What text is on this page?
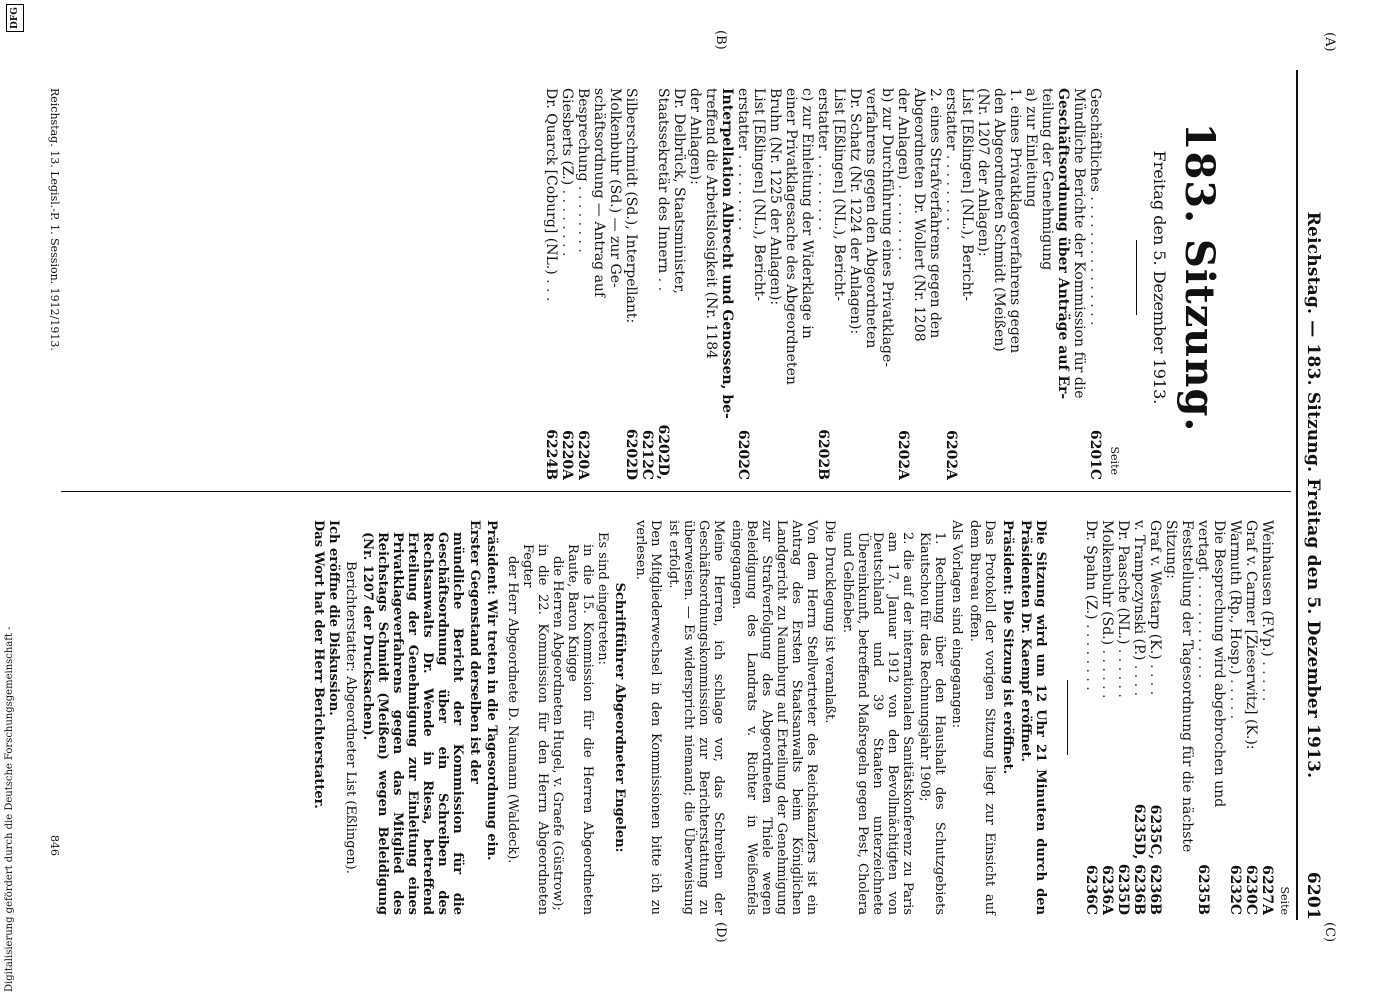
(A)
(C)
Reichstag. — 183. Sitzung. Freitag den 5. Dezember 1913.
6201
183. Sitzung.
Freitag den 5. Dezember 1913.
Seite
Geschäftliches . . . . . . . . . . . . . . .
6201C
Mündliche Berichte der Kommission für die
Geschäftsordnung über Anträge auf Er-
teilung der Genehmigung
a) zur Einleitung
1. eines Privatklageverfahrens gegen
den Abgeordneten Schmidt (Meißen)
(Nr. 1207 der Anlagen):
List [Eßlingen] (NL.), Bericht-
erstatter . . . . . . . . .
6202A
2. eines Strafverfahrens gegen den
Abgeordneten Dr. Wollert (Nr. 1208
der Anlagen) . . . . . . . . .
6202A
b) zur Durchführung eines Privatklage-
verfahrens gegen den Abgeordneten
Dr. Schatz (Nr. 1224 der Anlagen):
List [Eßlingen] (NL.), Bericht-
erstatter . . . . . . . . .
6202B
c) zur Einleitung der Widerklage in
einer Privatklagesache des Abgeordneten
Bruhn (Nr. 1225 der Anlagen):
List [Eßlingen] (NL.), Bericht-
erstatter . . . . . . . . .
6202C
Interpellation Albrecht und Genossen, be-
treffend die Arbeitslosigkeit (Nr. 1184
der Anlagen):
Dr. Delbrück, Staatsminister,
Staatssekretär des Innern . .
6202D,
6212C
Silberschmidt (Sd.), Interpellant:
6202D
Molkenbuhr (Sd.) — zur Ge-
schäftsordnung — Antrag auf
Besprechung . . . . . . . .
6220A
Giesberts (Z.) . . . . . . . .
6220A
Dr. Quarck [Coburg] (NL.) . . .
6224B
(B)
Reichstag. 13. Legisl.-P. 1. Session. 1912/1913.
846
Seite
Weinhausen (F.Vp.) . . . . .
6227A
Graf v. Carmer [Zieserwitz] (K.):
6230C
Warmuth (Rp., Hosp.) . . . . .
6232C
Die Besprechung wird abgebrochen und
vertagt . . . . . . . . . . . .
6235B
Feststellung der Tagesordnung für die nächste
Sitzung:
Graf v. Westarp (K.) . . . .
6235C, 6236B
v. Trampczynski (P.) . . . .
6235D, 6236B
Dr. Paasche (NL.) . . . . . .
6235D
Molkenbuhr (Sd.) . . . . . .
6236A
Dr. Spahn (Z.) . . . . . . . .
6236C
Die Sitzung wird um 12 Uhr 21 Minuten durch den Präsidenten Dr. Kaempf eröffnet.
Präsident: Die Sitzung ist eröffnet.
Das Protokoll der vorigen Sitzung liegt zur Einsicht auf dem Bureau offen.
Als Vorlagen sind eingegangen:
1. Rechnung über den Haushalt des Schutzgebiets Kiautschou für das Rechnungsjahr 1908;
2. die auf der internationalen Sanitätskonferenz zu Paris am 17. Januar 1912 von den Bevollmächtigten von Deutschland und 39 Staaten unterzeichnete Übereinkunft, betreffend Maßregeln gegen Pest, Cholera und Gelbfieber.
Die Drucklegung ist veranlaßt.
Von dem Herrn Stellvertreter des Reichskanzlers ist ein Antrag des Ersten Staatsanwalts beim Königlichen Landgericht zu Naumburg auf Erteilung der Genehmigung zur Strafverfolgung des Abgeordneten Thiele wegen Beleidigung des Landrats v. Richter in Weißenfels eingegangen.
Meine Herren, ich schlage vor, das Schreiben der Geschäftsordnungskommission zur Berichterstattung zu überweisen. — Es widerspricht niemand; die Überweisung ist erfolgt.
Den Mitgliederwechsel in den Kommissionen bitte ich zu verlesen.
Schriftführer Abgeordneter Engelen:
Es sind eingetreten:
in die 15. Kommission für die Herren Abgeordneten Raute, Baron Knigge
die Herren Abgeordneten Hugel, v. Graefe (Güstrow);
in die 22. Kommission für den Herrn Abgeordneten Fegter
der Herr Abgeordnete D. Naumann (Waldeck).
Präsident: Wir treten in die Tagesordnung ein.
Erster Gegenstand derselben ist der
mündliche Bericht der Kommission für die Geschäftsordnung über ein Schreiben des Rechtsanwalts Dr. Wende in Riesa, betreffend Erteilung der Genehmigung zur Einleitung eines Privatklageverfahrens gegen das Mitglied des Reichstags Schmidt (Meißen) wegen Beleidigung (Nr. 1207 der Drucksachen).
Berichterstatter: Abgeordneter List (Eßlingen).
Ich eröffne die Diskussion.
Das Wort hat der Herr Berichterstatter.
(D)
Digitalisierung gefördert durch die Deutsche Forschungsgemeinschaft -
DFG
